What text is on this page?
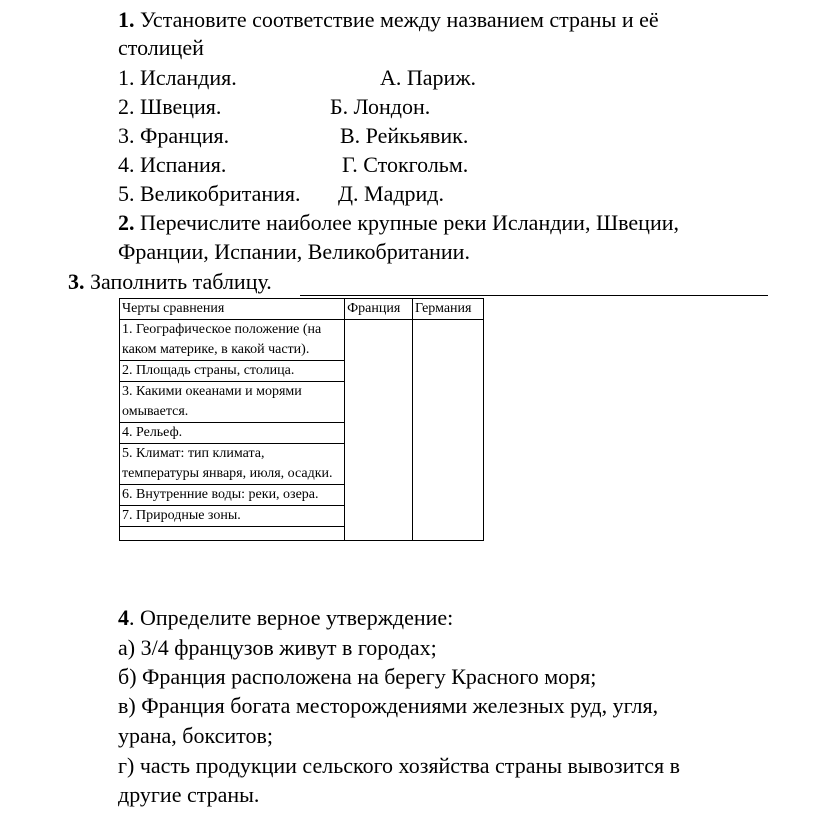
1. Установите соответствие между названием страны и её
столицей
1. Исландия.	А. Париж.
2. Швеция.	Б. Лондон.
3. Франция.	В. Рейкьявик.
4. Испания.	Г. Стокгольм.
5. Великобритания. Д. Мадрид.
2. Перечислите наиболее крупные реки Исландии, Швеции,
Франции, Испании, Великобритании.
3. Заполнить таблицу.
Черты сравнения	Франция	Германия
1. Географическое положение (на каком материке, в какой части).		
2. Площадь страны, столица.		
3. Какими океанами и морями омывается.		
4. Рельеф.		
5. Климат: тип климата, температуры января, июля, осадки.		
6. Внутренние воды: реки, озера.		
7. Природные зоны.		

4. Определите верное утверждение:
а) 3/4 французов живут в городах;
б) Франция расположена на берегу Красного моря;
в) Франция богата месторождениями железных руд, угля,
урана, бокситов;
г) часть продукции сельского хозяйства страны вывозится в
другие страны.
